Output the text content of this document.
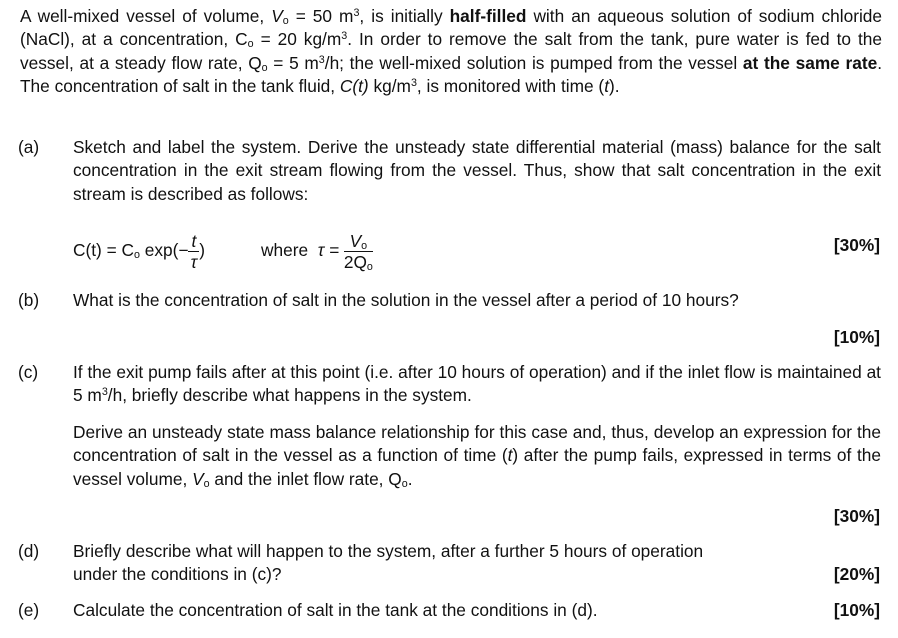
A well-mixed vessel of volume, $V_o = 50$ $m^3$, is initially half-filled with an aqueous solution of sodium chloride (NaCl), at a concentration, $C_o = 20$ $kg/m^3$. In order to remove the salt from the tank, pure water is fed to the vessel, at a steady flow rate, $Q_o = 5$ $m^3/h$; the well-mixed solution is pumped from the vessel at the same rate. The concentration of salt in the tank fluid, C(t) $kg/m^3$, is monitored with time (t).
(a) Sketch and label the system. Derive the unsteady state differential material (mass) balance for the salt concentration in the exit stream flowing from the vessel. Thus, show that salt concentration in the exit stream is described as follows:
$C(t) = C_o$ $\exp(- \frac{t}{\tau}$ )	where $\tau = \frac{V_o}{2Q_o}$	[30%]
(b) What is the concentration of salt in the solution in the vessel after a period of 10 hours?
[10%]
(c) If the exit pump fails after at this point (i.e. after 10 hours of operation) and if the inlet flow is maintained at 5 $m^3/h$, briefly describe what happens in the system.
Derive an unsteady state mass balance relationship for this case and, thus, develop an expression for the concentration of salt in the vessel as a function of time (t) after the pump fails, expressed in terms of the vessel volume, $V_o$ and the inlet flow rate, $Q_o$.
[30%]
(d) Briefly describe what will happen to the system, after a further 5 hours of operation
under the conditions in (c)?	[20%]
(e) Calculate the concentration of salt in the tank at the conditions in (d).	[10%]
